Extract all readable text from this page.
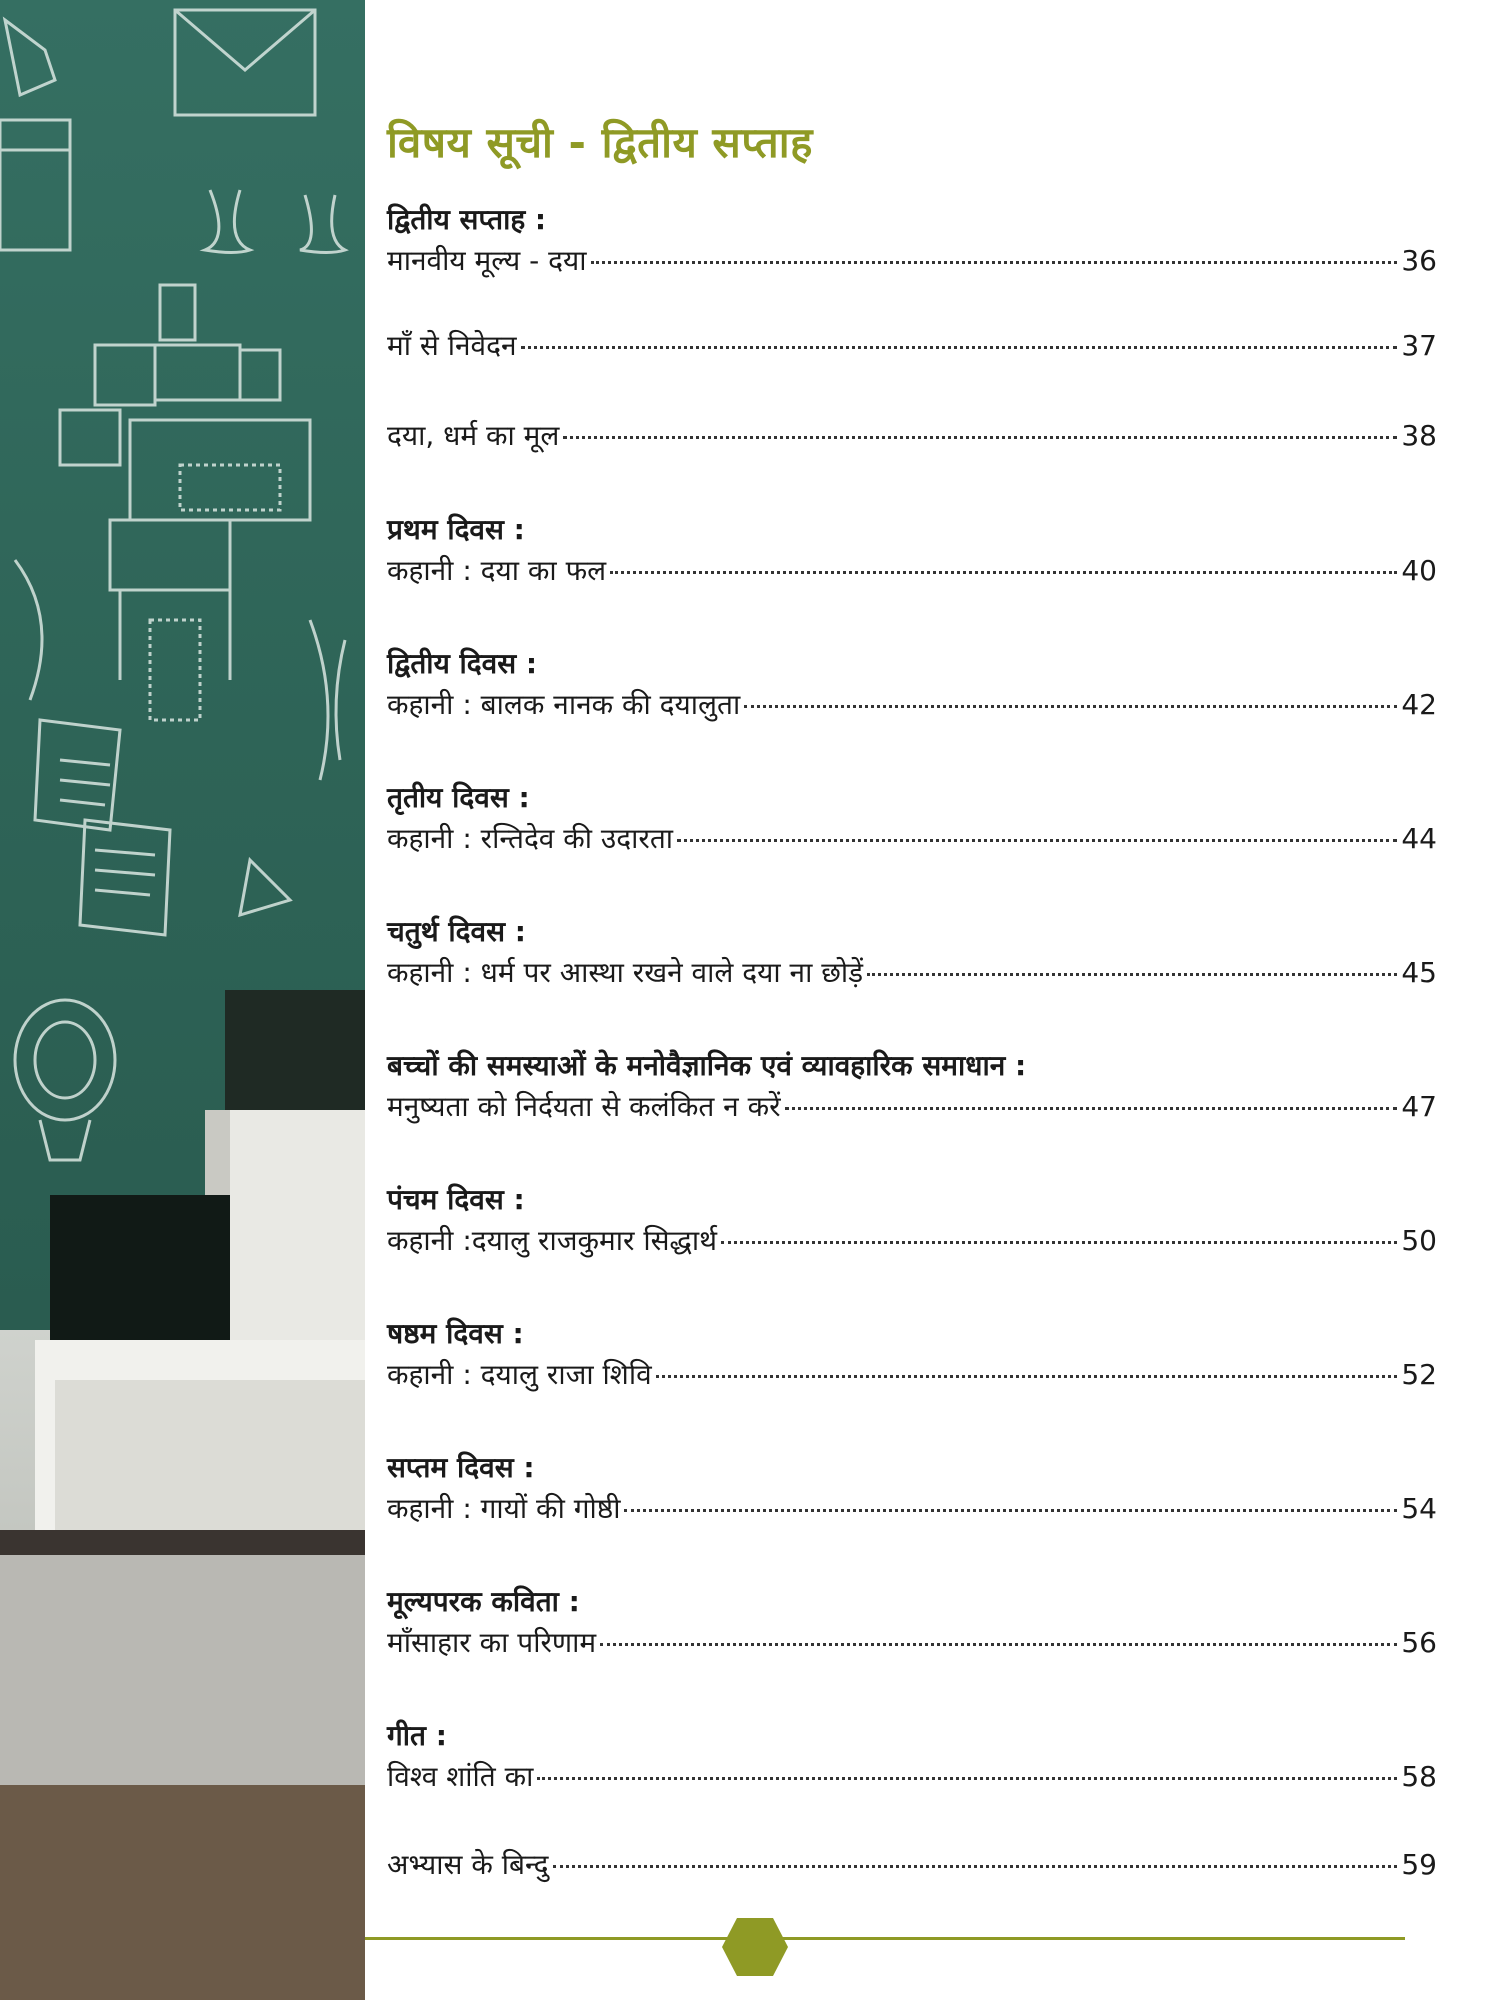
विषय सूची - द्वितीय सप्ताह
द्वितीय सप्ताह :
मानवीय मूल्य - दया	36
माँ से निवेदन	37
दया, धर्म का मूल	38
प्रथम दिवस :
कहानी : दया का फल	40
द्वितीय दिवस :
कहानी : बालक नानक की दयालुता	42
तृतीय दिवस :
कहानी : रन्तिदेव की उदारता	44
चतुर्थ दिवस :
कहानी : धर्म पर आस्था रखने वाले दया ना छोड़ें	45
बच्चों की समस्याओं के मनोवैज्ञानिक एवं व्यावहारिक समाधान :
मनुष्यता को निर्दयता से कलंकित न करें	47
पंचम दिवस :
कहानी :दयालु राजकुमार सिद्धार्थ	50
षष्ठम दिवस :
कहानी : दयालु राजा शिवि	52
सप्तम दिवस :
कहानी : गायों की गोष्ठी	54
मूल्यपरक कविता :
माँसाहार का परिणाम	56
गीत :
विश्व शांति का	58
अभ्यास के बिन्दु	59
